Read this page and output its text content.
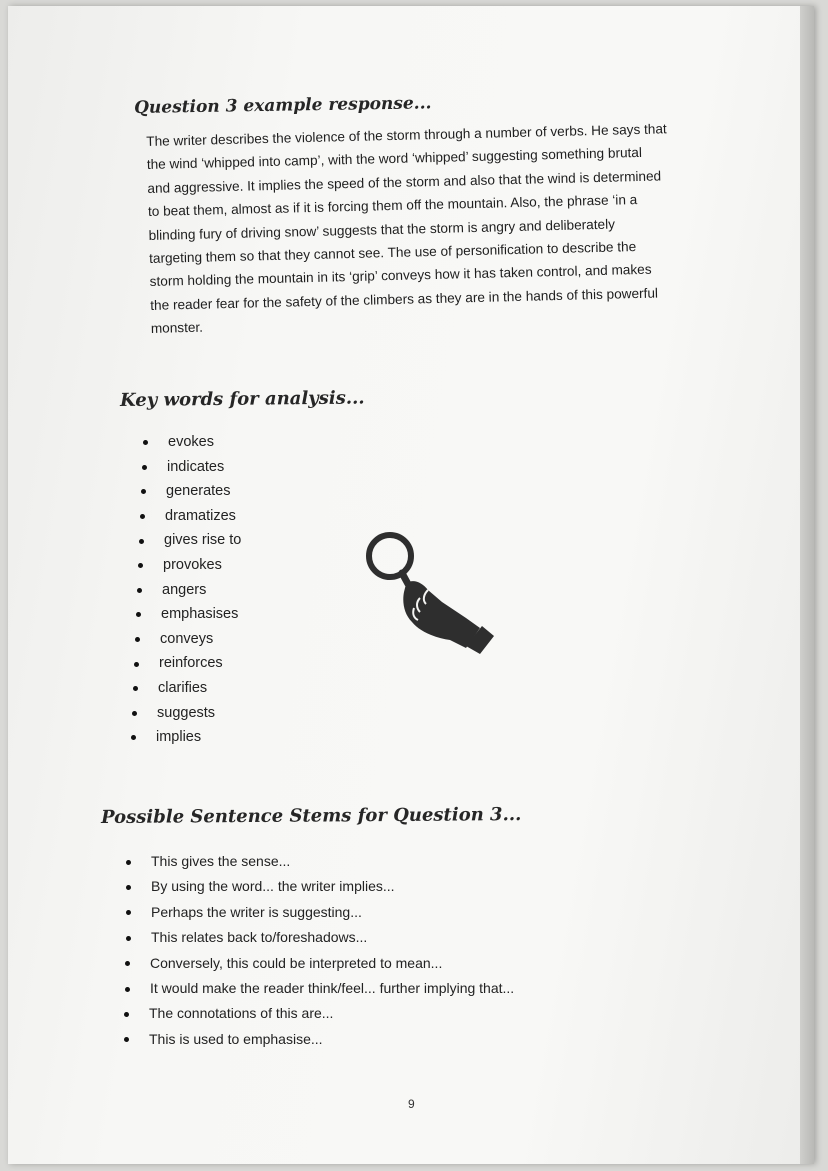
Question 3 example response...
The writer describes the violence of the storm through a number of verbs. He says that
the wind ‘whipped into camp’, with the word ‘whipped’ suggesting something brutal
and aggressive. It implies the speed of the storm and also that the wind is determined
to beat them, almost as if it is forcing them off the mountain. Also, the phrase ‘in a
blinding fury of driving snow’ suggests that the storm is angry and deliberately
targeting them so that they cannot see. The use of personification to describe the
storm holding the mountain in its ‘grip’ conveys how it has taken control, and makes
the reader fear for the safety of the climbers as they are in the hands of this powerful
monster.
Key words for analysis...
evokes
indicates
generates
dramatizes
gives rise to
provokes
angers
emphasises
conveys
reinforces
clarifies
suggests
implies
Possible Sentence Stems for Question 3...
This gives the sense...
By using the word... the writer implies...
Perhaps the writer is suggesting...
This relates back to/foreshadows...
Conversely, this could be interpreted to mean...
It would make the reader think/feel... further implying that...
The connotations of this are...
This is used to emphasise...
9
